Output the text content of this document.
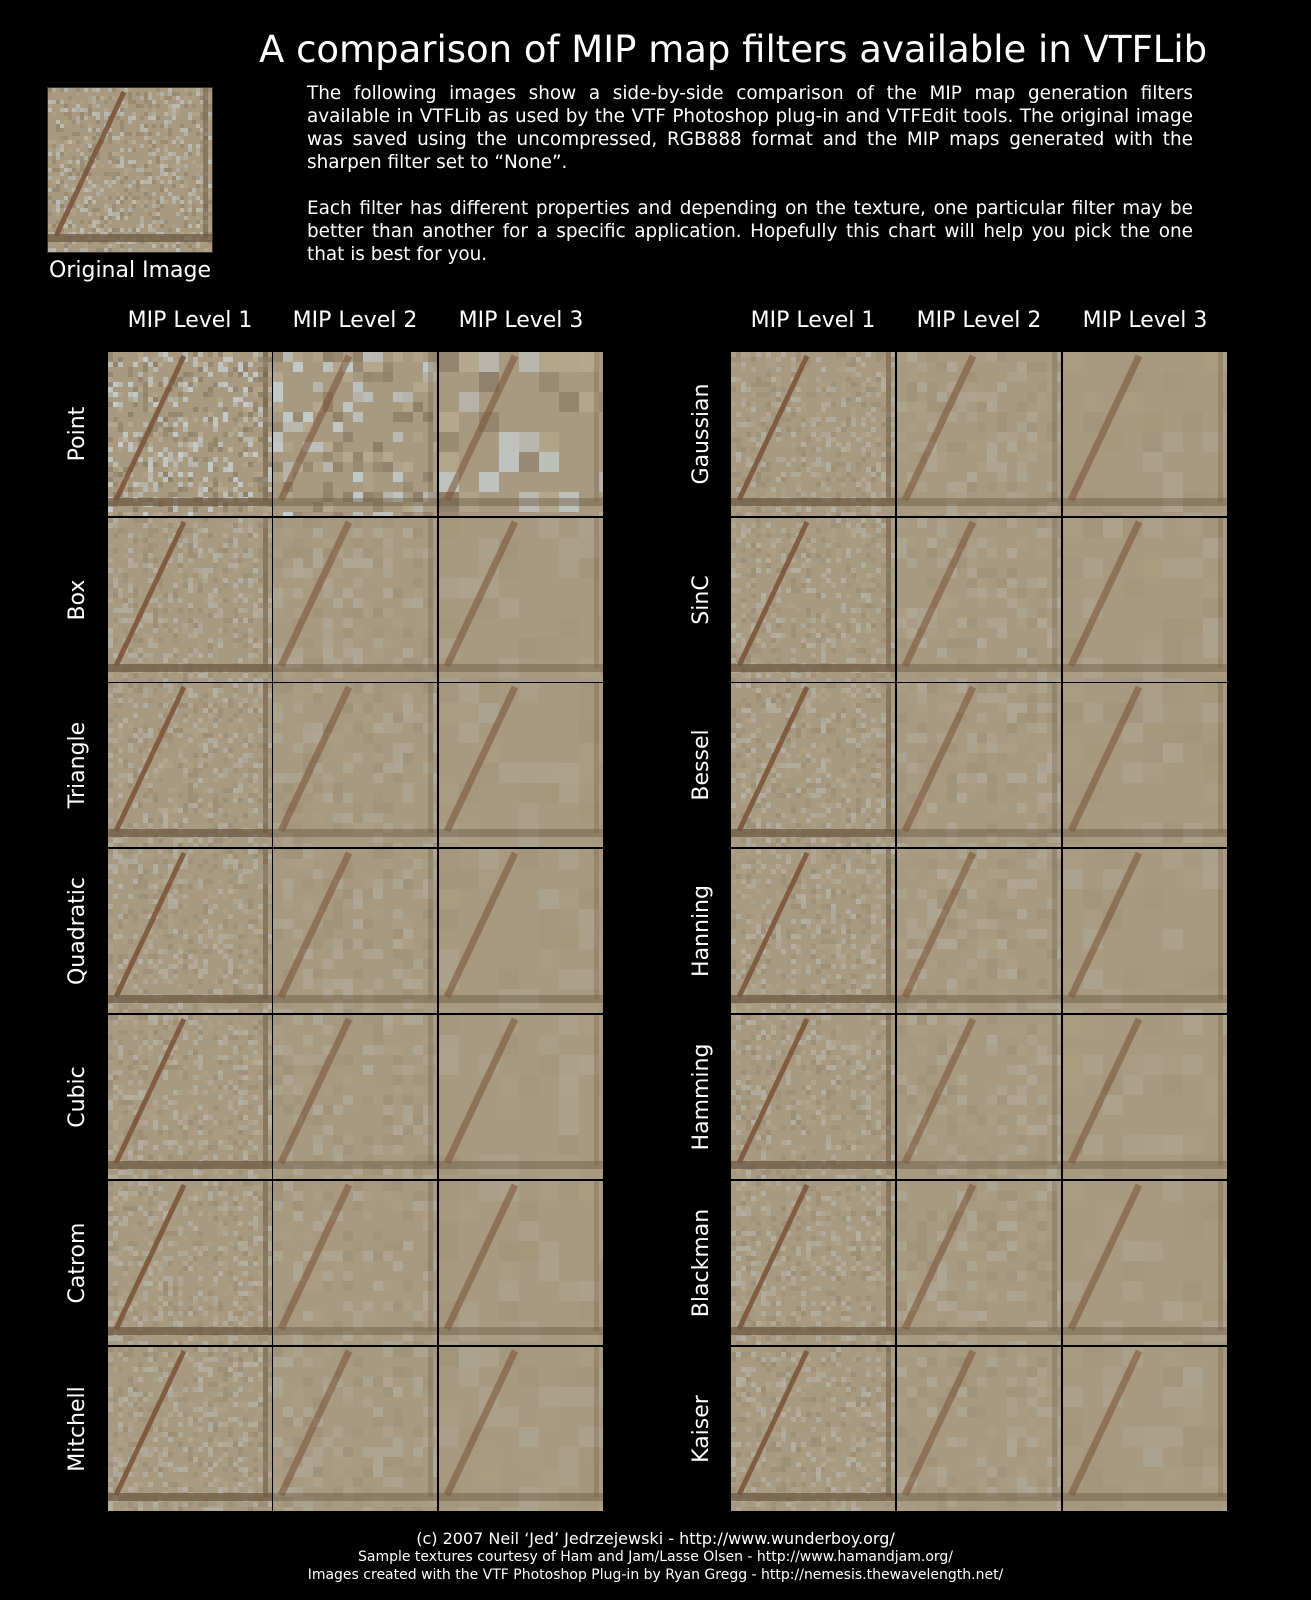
A comparison of MIP map filters available in VTFLib
Original Image

The following images show a side-by-side comparison of the MIP map generation filters available in VTFLib as used by the VTF Photoshop plug-in and VTFEdit tools. The original image was saved using the uncompressed, RGB888 format and the MIP maps generated with the sharpen filter set to “None”.

Each filter has different properties and depending on the texture, one particular filter may be better than another for a specific application. Hopefully this chart will help you pick the one that is best for you.

MIP Level 1	MIP Level 2	MIP Level 3	MIP Level 1	MIP Level 2	MIP Level 3
Point
Box
Triangle
Quadratic
Cubic
Catrom
Mitchell
Gaussian
SinC
Bessel
Hanning
Hamming
Blackman
Kaiser
(c) 2007 Neil ‘Jed’ Jedrzejewski - http://www.wunderboy.org/
Sample textures courtesy of Ham and Jam/Lasse Olsen - http://www.hamandjam.org/
Images created with the VTF Photoshop Plug-in by Ryan Gregg - http://nemesis.thewavelength.net/
